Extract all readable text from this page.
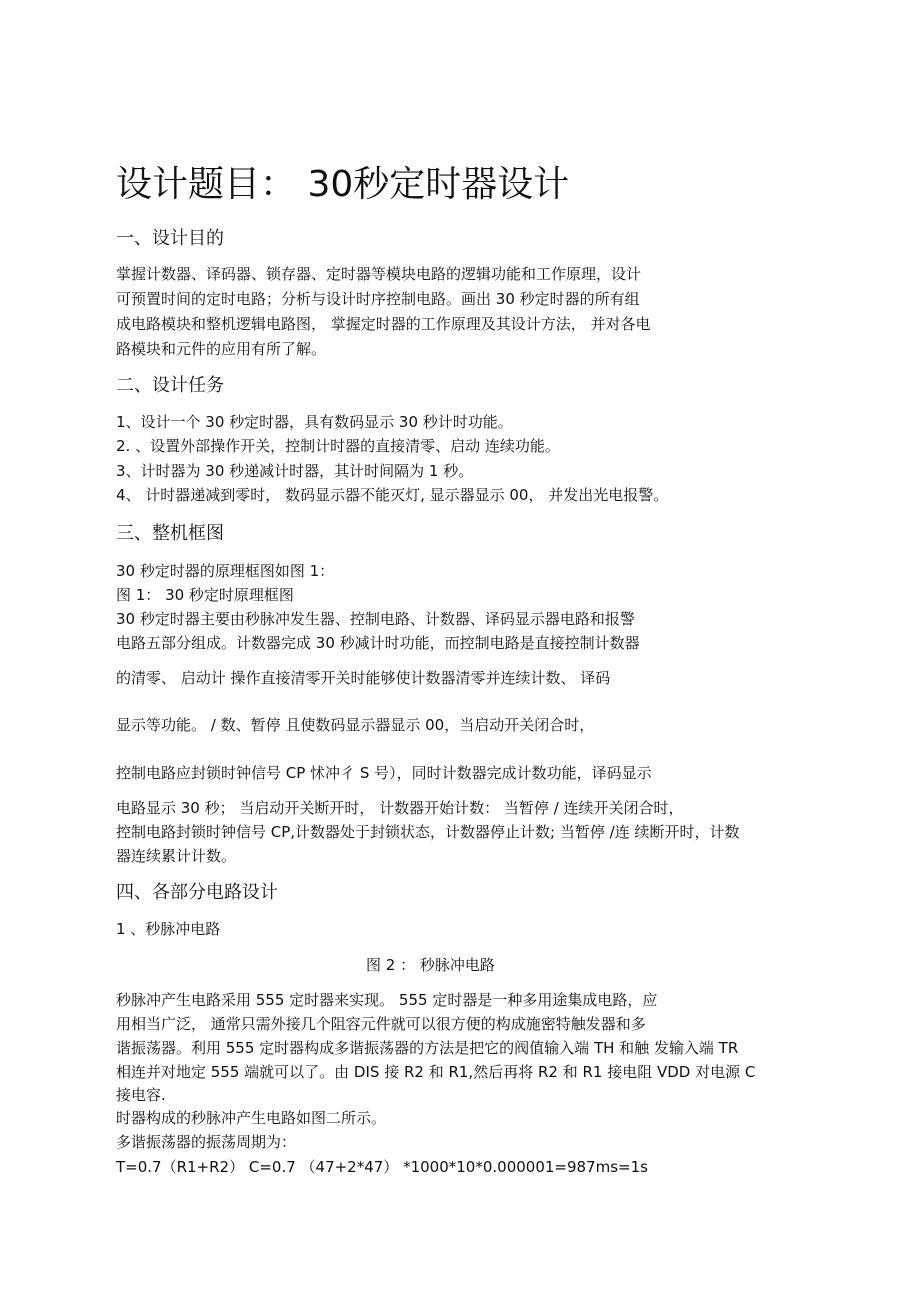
设计题目： 30秒定时器设计
一、设计目的
掌握计数器、译码器、锁存器、定时器等模块电路的逻辑功能和工作原理，设计
可预置时间的定时电路；分析与设计时序控制电路。画出 30 秒定时器的所有组
成电路模块和整机逻辑电路图， 掌握定时器的工作原理及其设计方法， 并对各电
路模块和元件的应用有所了解。
二、设计任务
1、设计一个 30 秒定时器，具有数码显示 30 秒计时功能。
2. 、设置外部操作开关，控制计时器的直接清零、启动 连续功能。
3、计时器为 30 秒递减计时器，其计时间隔为 1 秒。
4、 计时器递减到零时， 数码显示器不能灭灯, 显示器显示 00， 并发出光电报警。
三、整机框图
30 秒定时器的原理框图如图 1：
图 1： 30 秒定时原理框图
30 秒定时器主要由秒脉冲发生器、控制电路、计数器、译码显示器电路和报警
电路五部分组成。计数器完成 30 秒减计时功能，而控制电路是直接控制计数器
的清零、 启动计 操作直接清零开关时能够使计数器清零并连续计数、 译码
显示等功能。 / 数、暂停 且使数码显示器显示 00，当启动开关闭合时，
控制电路应封锁时钟信号 CP 怵冲彳 S 号），同时计数器完成计数功能，译码显示
电路显示 30 秒； 当启动开关断开时， 计数器开始计数： 当暂停 / 连续开关闭合时，
控制电路封锁时钟信号 CP,计数器处于封锁状态，计数器停止计数; 当暂停 /连 续断开时，计数
器连续累计计数。
四、各部分电路设计
1 、秒脉冲电路
图 2 ： 秒脉冲电路
秒脉冲产生电路采用 555 定时器来实现。 555 定时器是一种多用途集成电路，应
用相当广泛， 通常只需外接几个阻容元件就可以很方便的构成施密特触发器和多
谐振荡器。利用 555 定时器构成多谐振荡器的方法是把它的阀值输入端 TH 和触 发输入端 TR
相连并对地定 555 端就可以了。由 DIS 接 R2 和 R1,然后再将 R2 和 R1 接电阻 VDD 对电源 C
接电容.
时器构成的秒脉冲产生电路如图二所示。
多谐振荡器的振荡周期为：
T=0.7（R1+R2） C=0.7 （47+2*47） *1000*10*0.000001=987ms=1s
